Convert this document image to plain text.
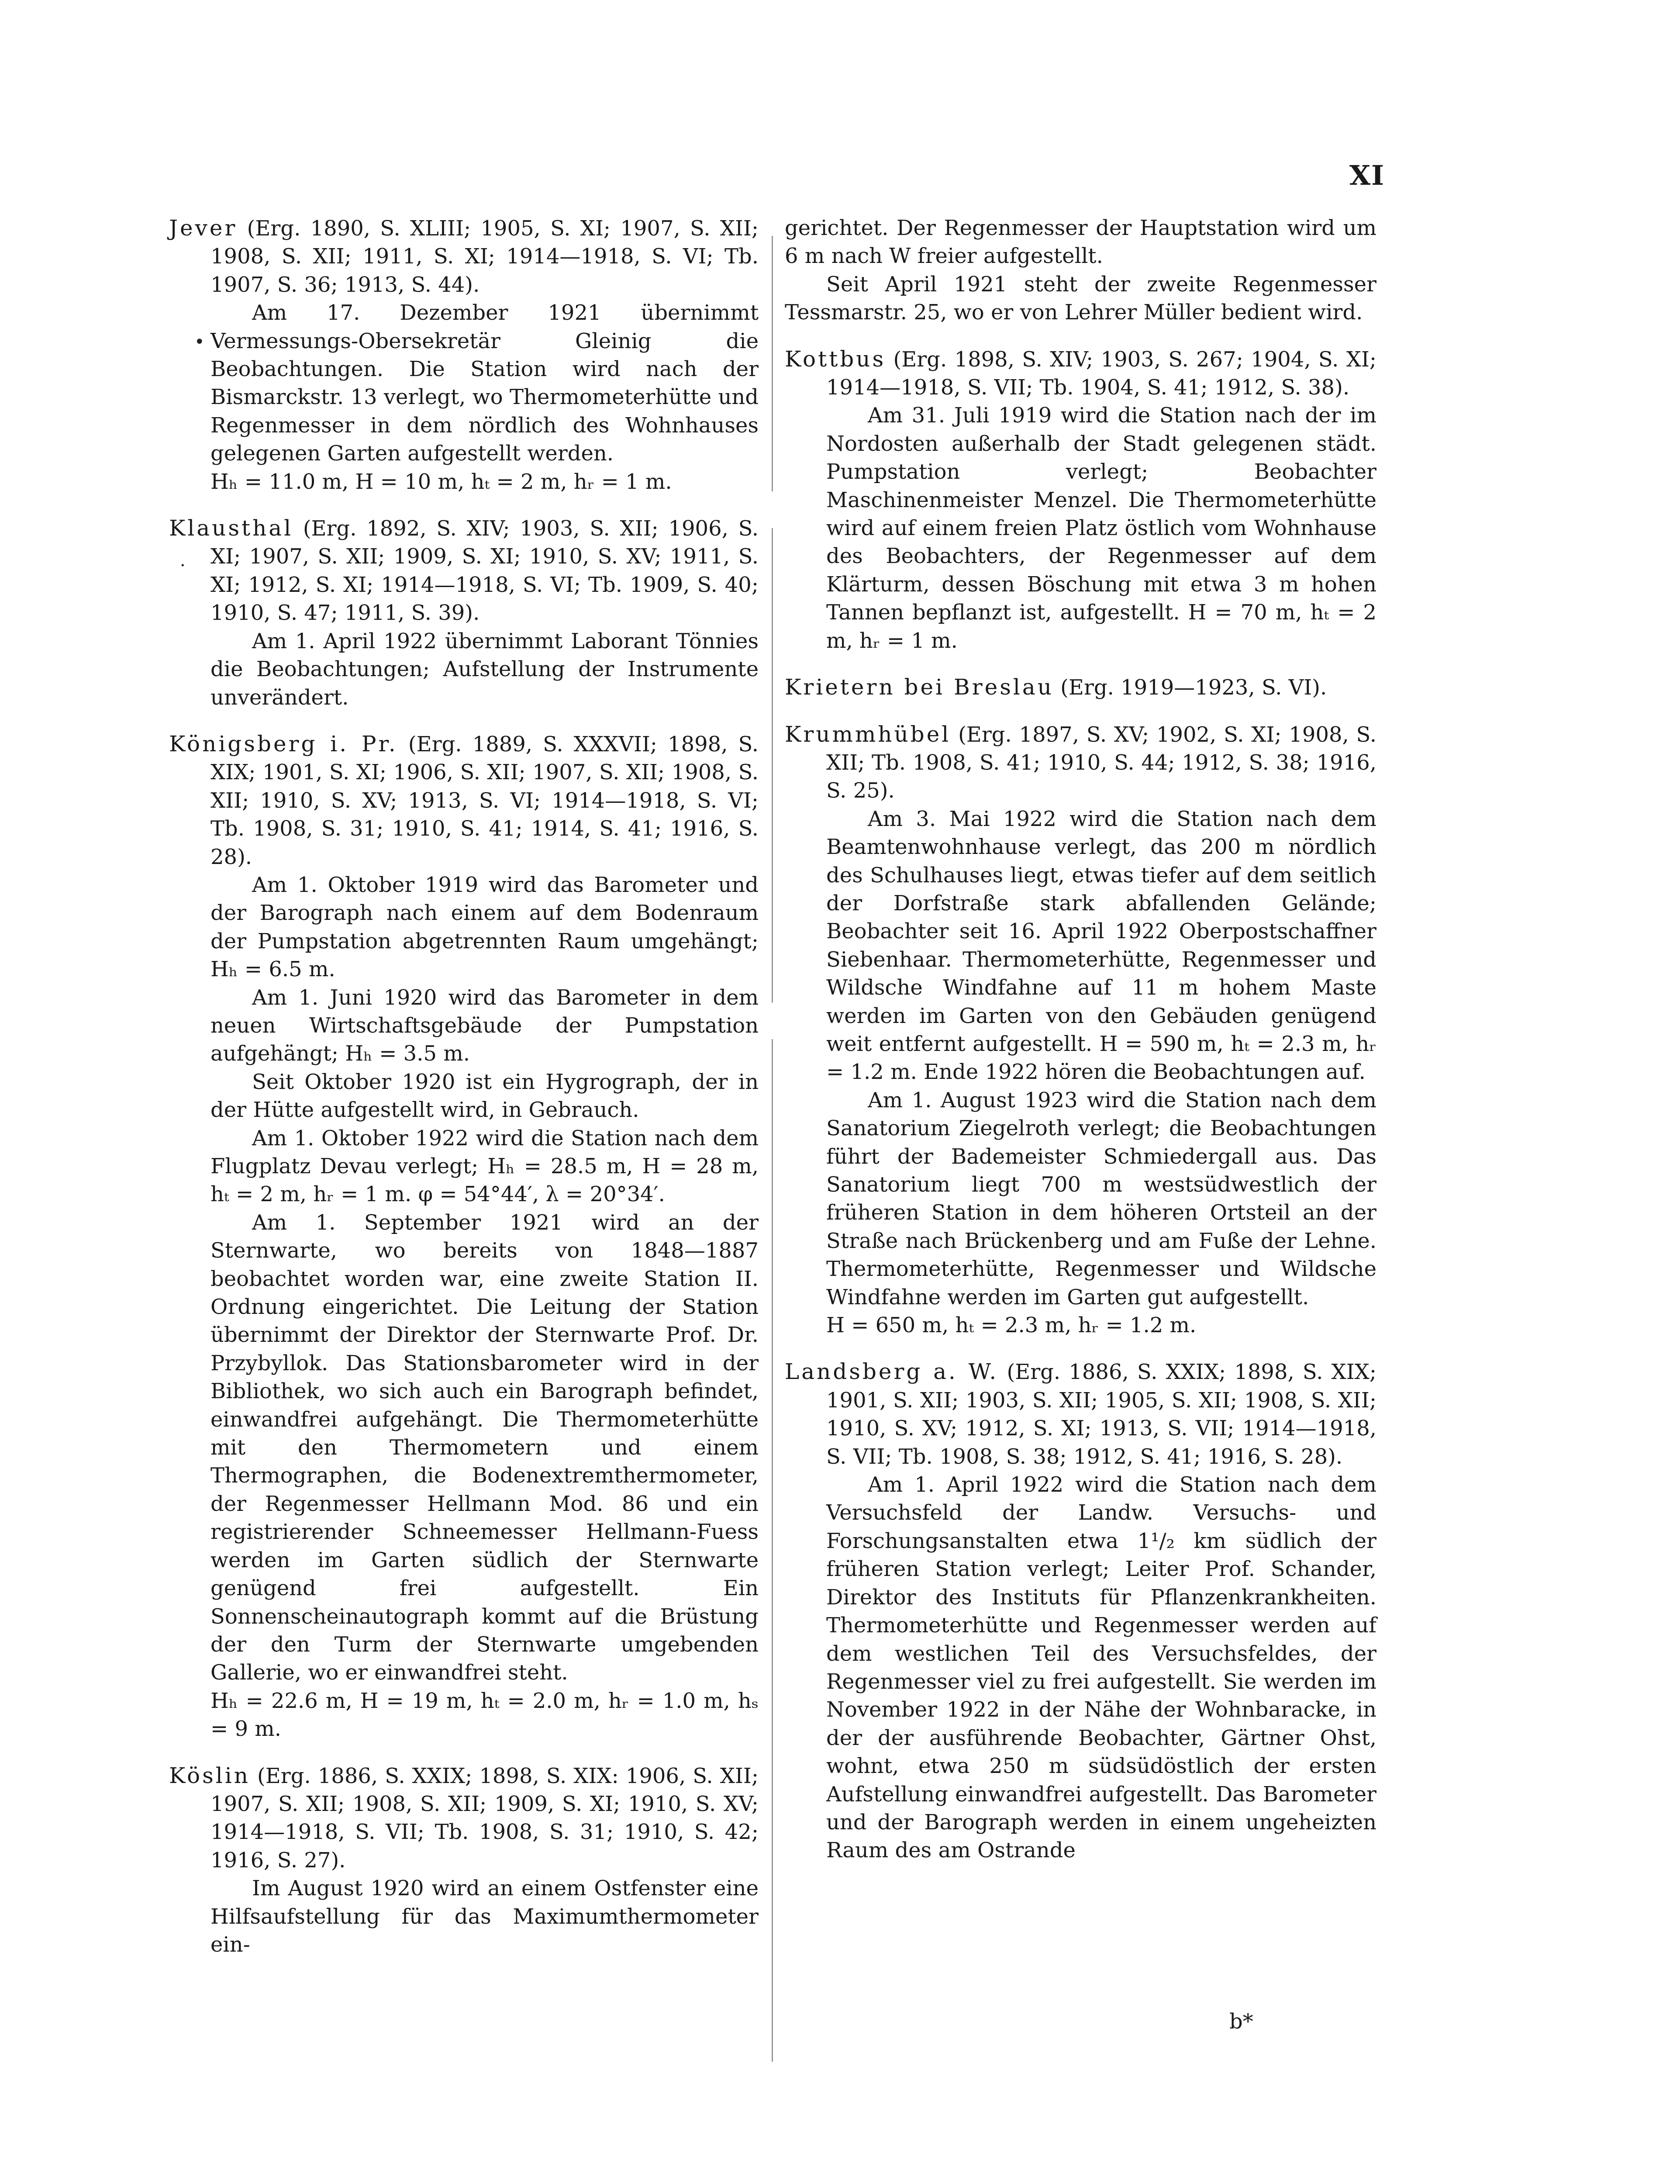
XI
Jever (Erg. 1890, S. XLIII; 1905, S. XI; 1907, S. XII; 1908, S. XII; 1911, S. XI; 1914—1918, S. VI; Tb. 1907, S. 36; 1913, S. 44).

Am 17. Dezember 1921 übernimmt Vermessungs-Obersekretär Gleinig die Beobachtungen. Die Station wird nach der Bismarckstr. 13 verlegt, wo Thermometerhütte und Regenmesser in dem nördlich des Wohnhauses gelegenen Garten aufgestellt werden.

Hₕ = 11.0 m, H = 10 m, hₜ = 2 m, hᵣ = 1 m.

Klausthal (Erg. 1892, S. XIV; 1903, S. XII; 1906, S. XI; 1907, S. XII; 1909, S. XI; 1910, S. XV; 1911, S. XI; 1912, S. XI; 1914—1918, S. VI; Tb. 1909, S. 40; 1910, S. 47; 1911, S. 39).

Am 1. April 1922 übernimmt Laborant Tönnies die Beobachtungen; Aufstellung der Instrumente unverändert.

Königsberg i. Pr. (Erg. 1889, S. XXXVII; 1898, S. XIX; 1901, S. XI; 1906, S. XII; 1907, S. XII; 1908, S. XII; 1910, S. XV; 1913, S. VI; 1914—1918, S. VI; Tb. 1908, S. 31; 1910, S. 41; 1914, S. 41; 1916, S. 28).

Am 1. Oktober 1919 wird das Barometer und der Barograph nach einem auf dem Bodenraum der Pumpstation abgetrennten Raum umgehängt; Hₕ = 6.5 m.

Am 1. Juni 1920 wird das Barometer in dem neuen Wirtschaftsgebäude der Pumpstation aufgehängt; Hₕ = 3.5 m.

Seit Oktober 1920 ist ein Hygrograph, der in der Hütte aufgestellt wird, in Gebrauch.

Am 1. Oktober 1922 wird die Station nach dem Flugplatz Devau verlegt; Hₕ = 28.5 m, H = 28 m, hₜ = 2 m, hᵣ = 1 m. φ = 54°44′, λ = 20°34′.

Am 1. September 1921 wird an der Sternwarte, wo bereits von 1848—1887 beobachtet worden war, eine zweite Station II. Ordnung eingerichtet. Die Leitung der Station übernimmt der Direktor der Sternwarte Prof. Dr. Przybyllok. Das Stationsbarometer wird in der Bibliothek, wo sich auch ein Barograph befindet, einwandfrei aufgehängt. Die Thermometerhütte mit den Thermometern und einem Thermographen, die Bodenextremthermometer, der Regenmesser Hellmann Mod. 86 und ein registrierender Schneemesser Hellmann-Fuess werden im Garten südlich der Sternwarte genügend frei aufgestellt. Ein Sonnenscheinautograph kommt auf die Brüstung der den Turm der Sternwarte umgebenden Gallerie, wo er einwandfrei steht.

Hₕ = 22.6 m, H = 19 m, hₜ = 2.0 m, hᵣ = 1.0 m, hₛ = 9 m.

Köslin (Erg. 1886, S. XXIX; 1898, S. XIX: 1906, S. XII; 1907, S. XII; 1908, S. XII; 1909, S. XI; 1910, S. XV; 1914—1918, S. VII; Tb. 1908, S. 31; 1910, S. 42; 1916, S. 27).

Im August 1920 wird an einem Ostfenster eine Hilfsaufstellung für das Maximumthermometer ein-

gerichtet. Der Regenmesser der Hauptstation wird um 6 m nach W freier aufgestellt.

Seit April 1921 steht der zweite Regenmesser Tessmarstr. 25, wo er von Lehrer Müller bedient wird.

Kottbus (Erg. 1898, S. XIV; 1903, S. 267; 1904, S. XI; 1914—1918, S. VII; Tb. 1904, S. 41; 1912, S. 38).

Am 31. Juli 1919 wird die Station nach der im Nordosten außerhalb der Stadt gelegenen städt. Pumpstation verlegt; Beobachter Maschinenmeister Menzel. Die Thermometerhütte wird auf einem freien Platz östlich vom Wohnhause des Beobachters, der Regenmesser auf dem Klärturm, dessen Böschung mit etwa 3 m hohen Tannen bepflanzt ist, aufgestellt. H = 70 m, hₜ = 2 m, hᵣ = 1 m.

Krietern bei Breslau (Erg. 1919—1923, S. VI).
Krummhübel (Erg. 1897, S. XV; 1902, S. XI; 1908, S. XII; Tb. 1908, S. 41; 1910, S. 44; 1912, S. 38; 1916, S. 25).

Am 3. Mai 1922 wird die Station nach dem Beamtenwohnhause verlegt, das 200 m nördlich des Schulhauses liegt, etwas tiefer auf dem seitlich der Dorfstraße stark abfallenden Gelände; Beobachter seit 16. April 1922 Oberpostschaffner Siebenhaar. Thermometerhütte, Regenmesser und Wildsche Windfahne auf 11 m hohem Maste werden im Garten von den Gebäuden genügend weit entfernt aufgestellt. H = 590 m, hₜ = 2.3 m, hᵣ = 1.2 m. Ende 1922 hören die Beobachtungen auf.

Am 1. August 1923 wird die Station nach dem Sanatorium Ziegelroth verlegt; die Beobachtungen führt der Bademeister Schmiedergall aus. Das Sanatorium liegt 700 m westsüdwestlich der früheren Station in dem höheren Ortsteil an der Straße nach Brückenberg und am Fuße der Lehne. Thermometerhütte, Regenmesser und Wildsche Windfahne werden im Garten gut aufgestellt.

H = 650 m, hₜ = 2.3 m, hᵣ = 1.2 m.

Landsberg a. W. (Erg. 1886, S. XXIX; 1898, S. XIX; 1901, S. XII; 1903, S. XII; 1905, S. XII; 1908, S. XII; 1910, S. XV; 1912, S. XI; 1913, S. VII; 1914—1918, S. VII; Tb. 1908, S. 38; 1912, S. 41; 1916, S. 28).

Am 1. April 1922 wird die Station nach dem Versuchsfeld der Landw. Versuchs- und Forschungsanstalten etwa 1¹/₂ km südlich der früheren Station verlegt; Leiter Prof. Schander, Direktor des Instituts für Pflanzenkrankheiten. Thermometerhütte und Regenmesser werden auf dem westlichen Teil des Versuchsfeldes, der Regenmesser viel zu frei aufgestellt. Sie werden im November 1922 in der Nähe der Wohnbaracke, in der der ausführende Beobachter, Gärtner Ohst, wohnt, etwa 250 m südsüdöstlich der ersten Aufstellung einwandfrei aufgestellt. Das Barometer und der Barograph werden in einem ungeheizten Raum des am Ostrande

b*
•
·
